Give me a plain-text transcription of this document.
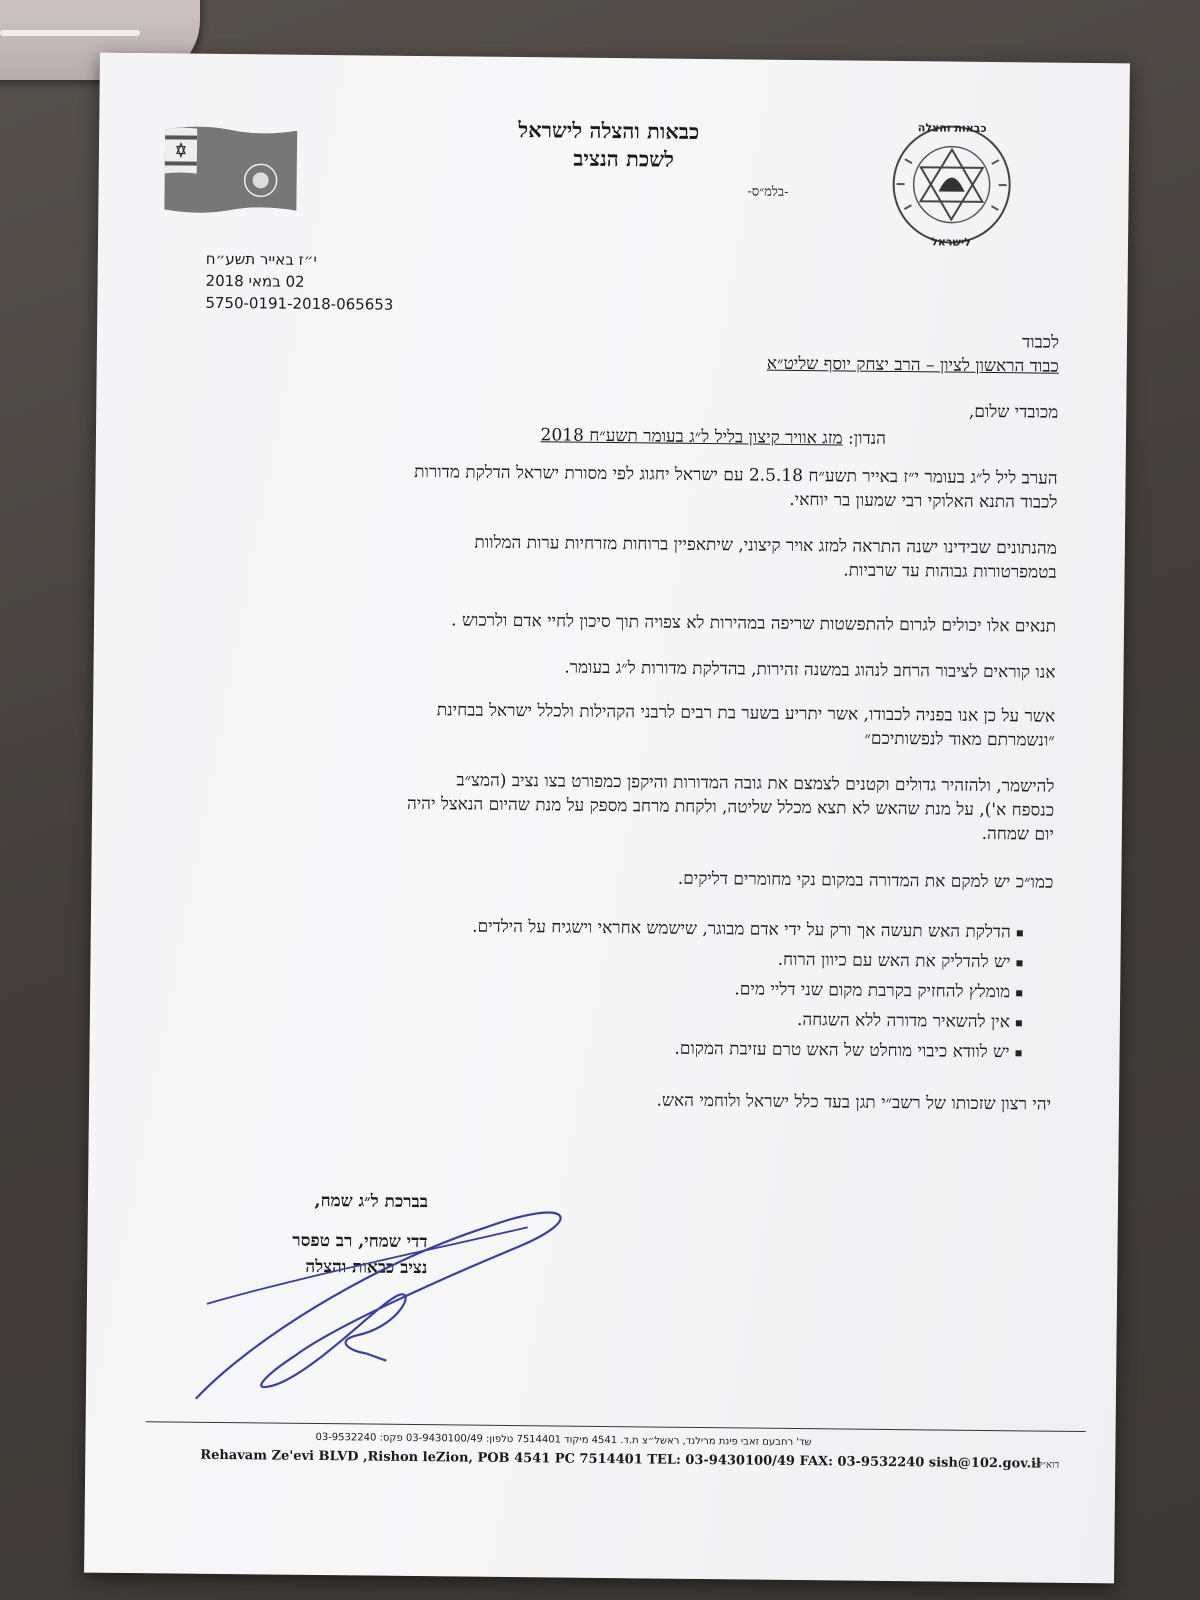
כבאות והצלה
לישראל
כבאות והצלה לישראל
לשכת הנציב
-בלמ״ס-
י״ז באייר תשע״ח
02 במאי 2018
5750-0191-2018-065653
לכבוד
כבוד הראשון לציון – הרב יצחק יוסף שליט״א
מכובדי שלום,
הנדון: מזג אוויר קיצון בליל ל״ג בעומר תשע״ח 2018
הערב ליל ל״ג בעומר י״ז באייר תשע״ח 2.5.18 עם ישראל יחגוג לפי מסורת ישראל הדלקת מדורות
לכבוד התנא האלוקי רבי שמעון בר יוחאי.
מהנתונים שבידינו ישנה התראה למזג אויר קיצוני, שיתאפיין ברוחות מזרחיות ערות המלוות
בטמפרטורות גבוהות עד שרביות.
תנאים אלו יכולים לגרום להתפשטות שריפה במהירות לא צפויה תוך סיכון לחיי אדם ולרכוש .
אנו קוראים לציבור הרחב לנהוג במשנה זהירות, בהדלקת מדורות ל״ג בעומר.
אשר על כן אנו בפניה לכבודו, אשר יתריע בשער בת רבים לרבני הקהילות ולכלל ישראל בבחינת
״ונשמרתם מאוד לנפשותיכם״
להישמר, ולהזהיר גדולים וקטנים לצמצם את גובה המדורות והיקפן כמפורט בצו נציב (המצ״ב
כנספח א'), על מנת שהאש לא תצא מכלל שליטה, ולקחת מרחב מספק על מנת שהיום הנאצל יהיה
יום שמחה.
כמו״כ יש למקם את המדורה במקום נקי מחומרים דליקים.
הדלקת האש תעשה אך ורק על ידי אדם מבוגר, שישמש אחראי וישגיח על הילדים.
יש להדליק את האש עם כיוון הרוח.
מומלץ להחזיק בקרבת מקום שני דליי מים.
אין להשאיר מדורה ללא השגחה.
יש לוודא כיבוי מוחלט של האש טרם עזיבת המקום.
יהי רצון שזכותו של רשב״י תגן בעד כלל ישראל ולוחמי האש.
בברכת ל״ג שמח,
דדי שמחי, רב טפסר
נציב כבאות והצלה
שד' רחבעם זאבי פינת מרילנד, ראשל״צ ת.ד. 4541 מיקוד 7514401 טלפון: 03-9430100/49 פקס: 03-9532240
Rehavam Ze'evi BLVD ,Rishon leZion, POB 4541 PC 7514401 TEL: 03-9430100/49 FAX: 03-9532240 sish@102.gov.il
דוא״ל:
